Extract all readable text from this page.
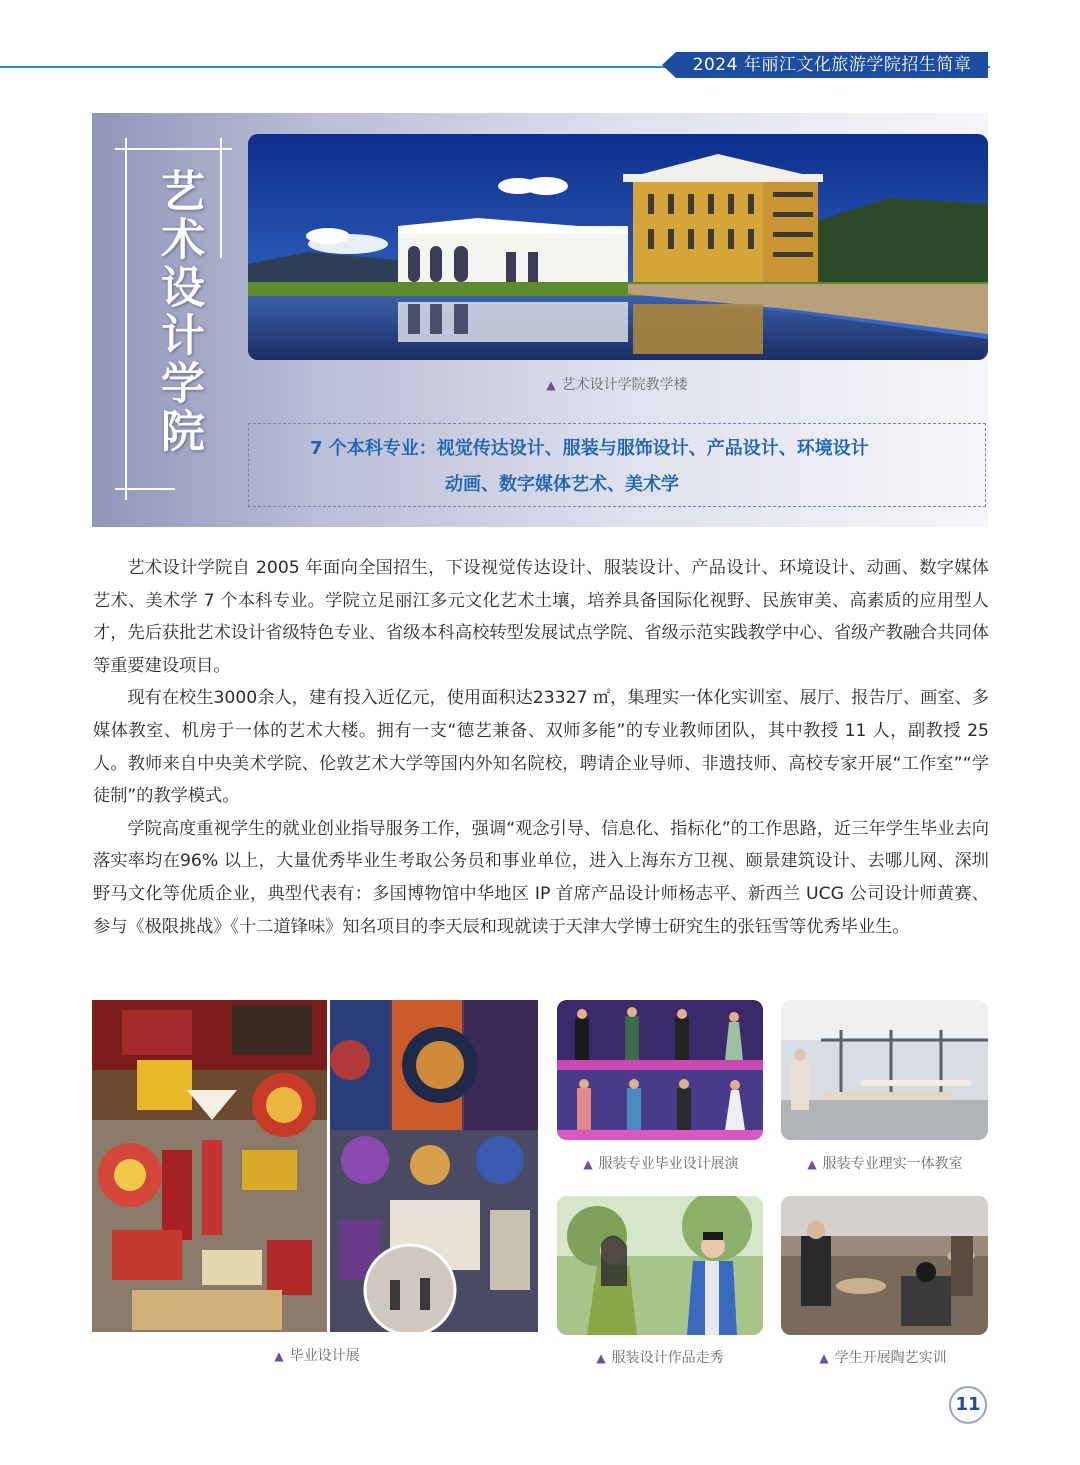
2024 年丽江文化旅游学院招生简章
艺术设计学院	▲ 艺术设计学院教学楼
7 个本科专业：视觉传达设计、服装与服饰设计、产品设计、环境设计
动画、数字媒体艺术、美术学

艺术设计学院自 2005 年面向全国招生，下设视觉传达设计、服装设计、产品设计、环境设计、动画、数字媒体艺术、美术学 7 个本科专业。学院立足丽江多元文化艺术土壤，培养具备国际化视野、民族审美、高素质的应用型人才，先后获批艺术设计省级特色专业、省级本科高校转型发展试点学院、省级示范实践教学中心、省级产教融合共同体等重要建设项目。

现有在校生3000余人，建有投入近亿元，使用面积达23327 ㎡，集理实一体化实训室、展厅、报告厅、画室、多媒体教室、机房于一体的艺术大楼。拥有一支“德艺兼备、双师多能”的专业教师团队，其中教授 11 人，副教授 25 人。教师来自中央美术学院、伦敦艺术大学等国内外知名院校，聘请企业导师、非遗技师、高校专家开展“工作室”“学徒制”的教学模式。

学院高度重视学生的就业创业指导服务工作，强调“观念引导、信息化、指标化”的工作思路，近三年学生毕业去向落实率均在96% 以上，大量优秀毕业生考取公务员和事业单位，进入上海东方卫视、颐景建筑设计、去哪儿网、深圳野马文化等优质企业，典型代表有：多国博物馆中华地区 IP 首席产品设计师杨志平、新西兰 UCG 公司设计师黄赛、参与《极限挑战》《十二道锋味》知名项目的李天辰和现就读于天津大学博士研究生的张钰雪等优秀毕业生。

▲ 毕业设计展
▲ 服装专业毕业设计展演	▲ 服装专业理实一体教室
▲ 服装设计作品走秀	▲ 学生开展陶艺实训
11
